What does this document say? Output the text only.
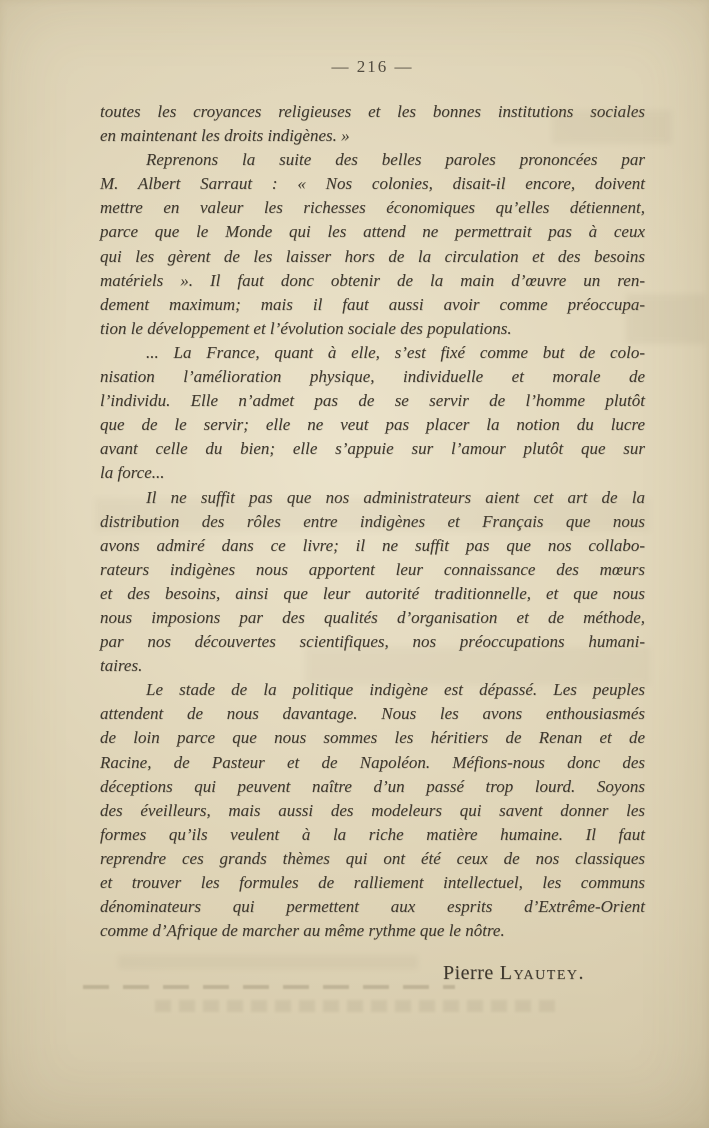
— 216 —
toutes les croyances religieuses et les bonnes institutions sociales
en maintenant les droits indigènes. »
Reprenons la suite des belles paroles prononcées par
M. Albert Sarraut : « Nos colonies, disait-il encore, doivent
mettre en valeur les richesses économiques qu’elles détiennent,
parce que le Monde qui les attend ne permettrait pas à ceux
qui les gèrent de les laisser hors de la circulation et des besoins
matériels ». Il faut donc obtenir de la main d’œuvre un ren-
dement maximum; mais il faut aussi avoir comme préoccupa-
tion le développement et l’évolution sociale des populations.
... La France, quant à elle, s’est fixé comme but de colo-
nisation l’amélioration physique, individuelle et morale de
l’individu. Elle n’admet pas de se servir de l’homme plutôt
que de le servir; elle ne veut pas placer la notion du lucre
avant celle du bien; elle s’appuie sur l’amour plutôt que sur
la force...
Il ne suffit pas que nos administrateurs aient cet art de la
distribution des rôles entre indigènes et Français que nous
avons admiré dans ce livre; il ne suffit pas que nos collabo-
rateurs indigènes nous apportent leur connaissance des mœurs
et des besoins, ainsi que leur autorité traditionnelle, et que nous
nous imposions par des qualités d’organisation et de méthode,
par nos découvertes scientifiques, nos préoccupations humani-
taires.
Le stade de la politique indigène est dépassé. Les peuples
attendent de nous davantage. Nous les avons enthousiasmés
de loin parce que nous sommes les héritiers de Renan et de
Racine, de Pasteur et de Napoléon. Méfions-nous donc des
déceptions qui peuvent naître d’un passé trop lourd. Soyons
des éveilleurs, mais aussi des modeleurs qui savent donner les
formes qu’ils veulent à la riche matière humaine. Il faut
reprendre ces grands thèmes qui ont été ceux de nos classiques
et trouver les formules de ralliement intellectuel, les communs
dénominateurs qui permettent aux esprits d’Extrême-Orient
comme d’Afrique de marcher au même rythme que le nôtre.
Pierre Lyautey.
